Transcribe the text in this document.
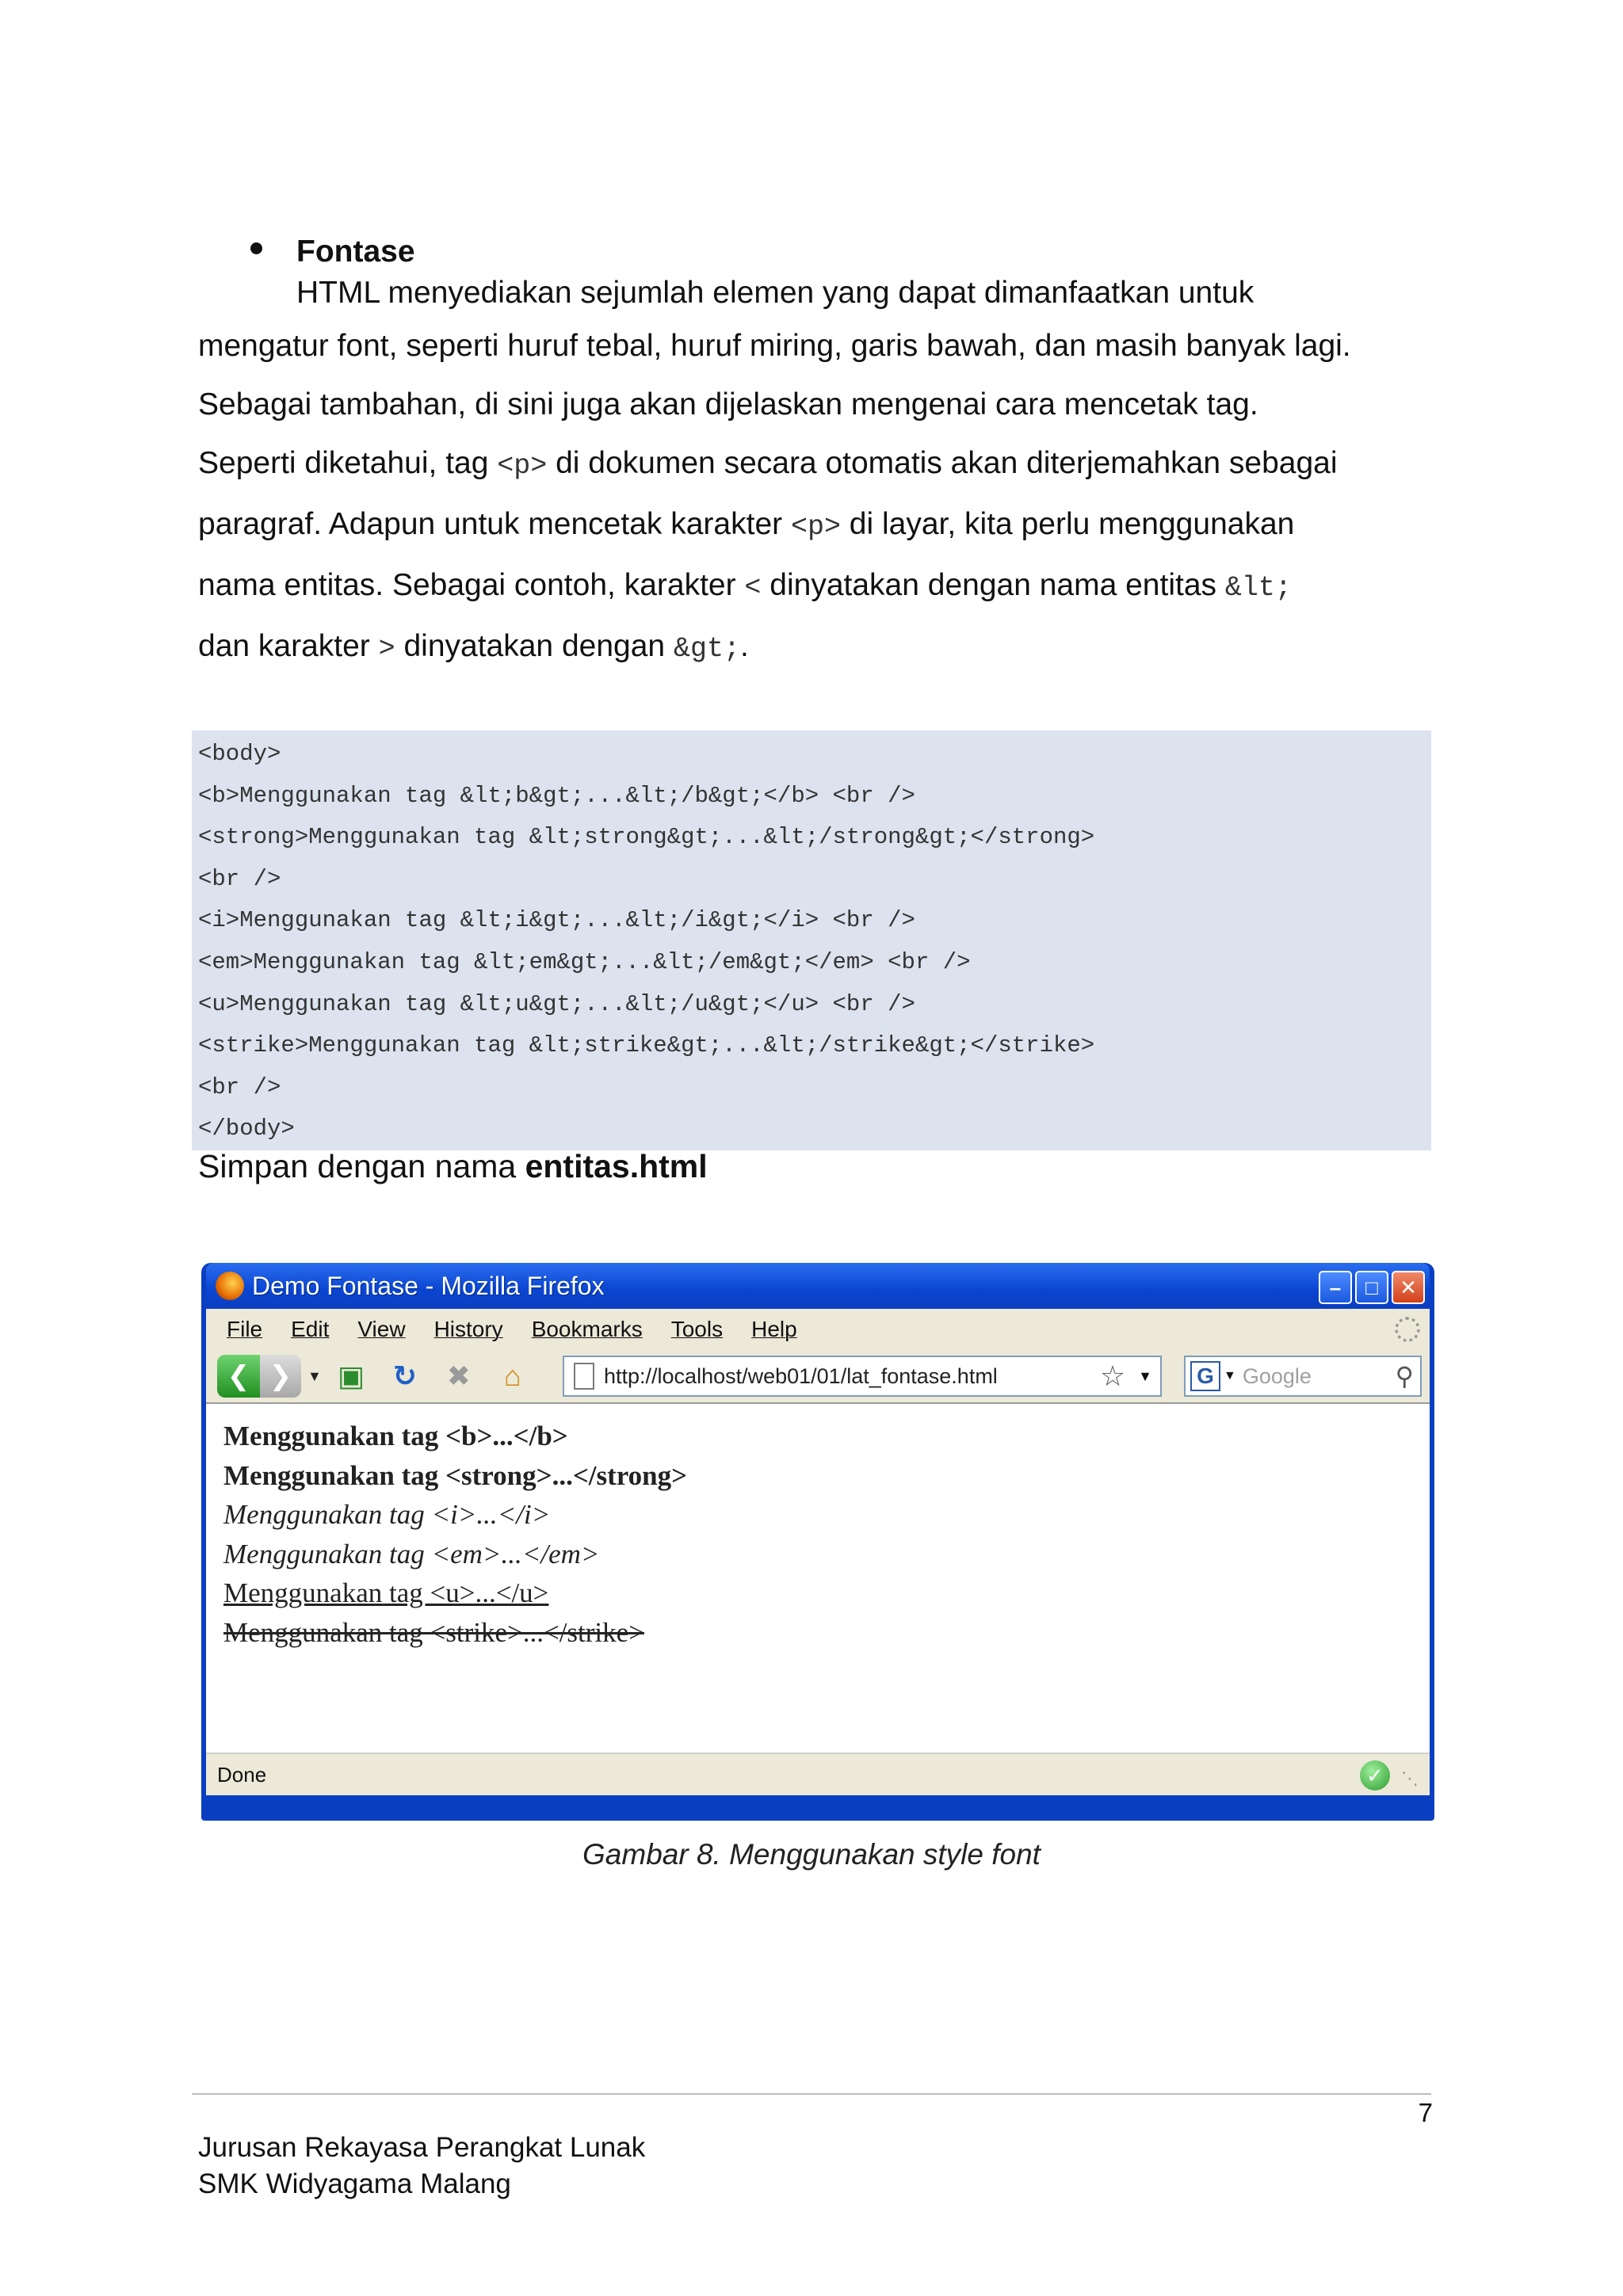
Fontase

HTML menyediakan sejumlah elemen yang dapat dimanfaatkan untuk
mengatur font, seperti huruf tebal, huruf miring, garis bawah, dan masih banyak lagi.
Sebagai tambahan, di sini juga akan dijelaskan mengenai cara mencetak tag.
Seperti diketahui, tag <p> di dokumen secara otomatis akan diterjemahkan sebagai
paragraf. Adapun untuk mencetak karakter <p> di layar, kita perlu menggunakan
nama entitas. Sebagai contoh, karakter < dinyatakan dengan nama entitas &lt;
dan karakter > dinyatakan dengan &gt;.

<body>
<b>Menggunakan tag &lt;b&gt;...&lt;/b&gt;</b> <br />
<strong>Menggunakan tag &lt;strong&gt;...&lt;/strong&gt;</strong>
<br />
<i>Menggunakan tag &lt;i&gt;...&lt;/i&gt;</i> <br />
<em>Menggunakan tag &lt;em&gt;...&lt;/em&gt;</em> <br />
<u>Menggunakan tag &lt;u&gt;...&lt;/u&gt;</u> <br />
<strike>Menggunakan tag &lt;strike&gt;...&lt;/strike&gt;</strike>
<br />
</body>
Simpan dengan nama entitas.html
Demo Fontase - Mozilla Firefox	–	□	✕
File Edit View History Bookmarks Tools Help
❮ ❯	▼ ▣ ↻ ✖	⌂	http://localhost/web01/01/lat_fontase.html	☆ ▼ G ▼ Google	⚲
Menggunakan tag <b>...</b>
Menggunakan tag <strong>...</strong>
Menggunakan tag <i>...</i>
Menggunakan tag <em>...</em>
Menggunakan tag <u>...</u>
Menggunakan tag <strike>...</strike>
Done	✓	⋱
Gambar 8. Menggunakan style font
7
Jurusan Rekayasa Perangkat Lunak
SMK Widyagama Malang
